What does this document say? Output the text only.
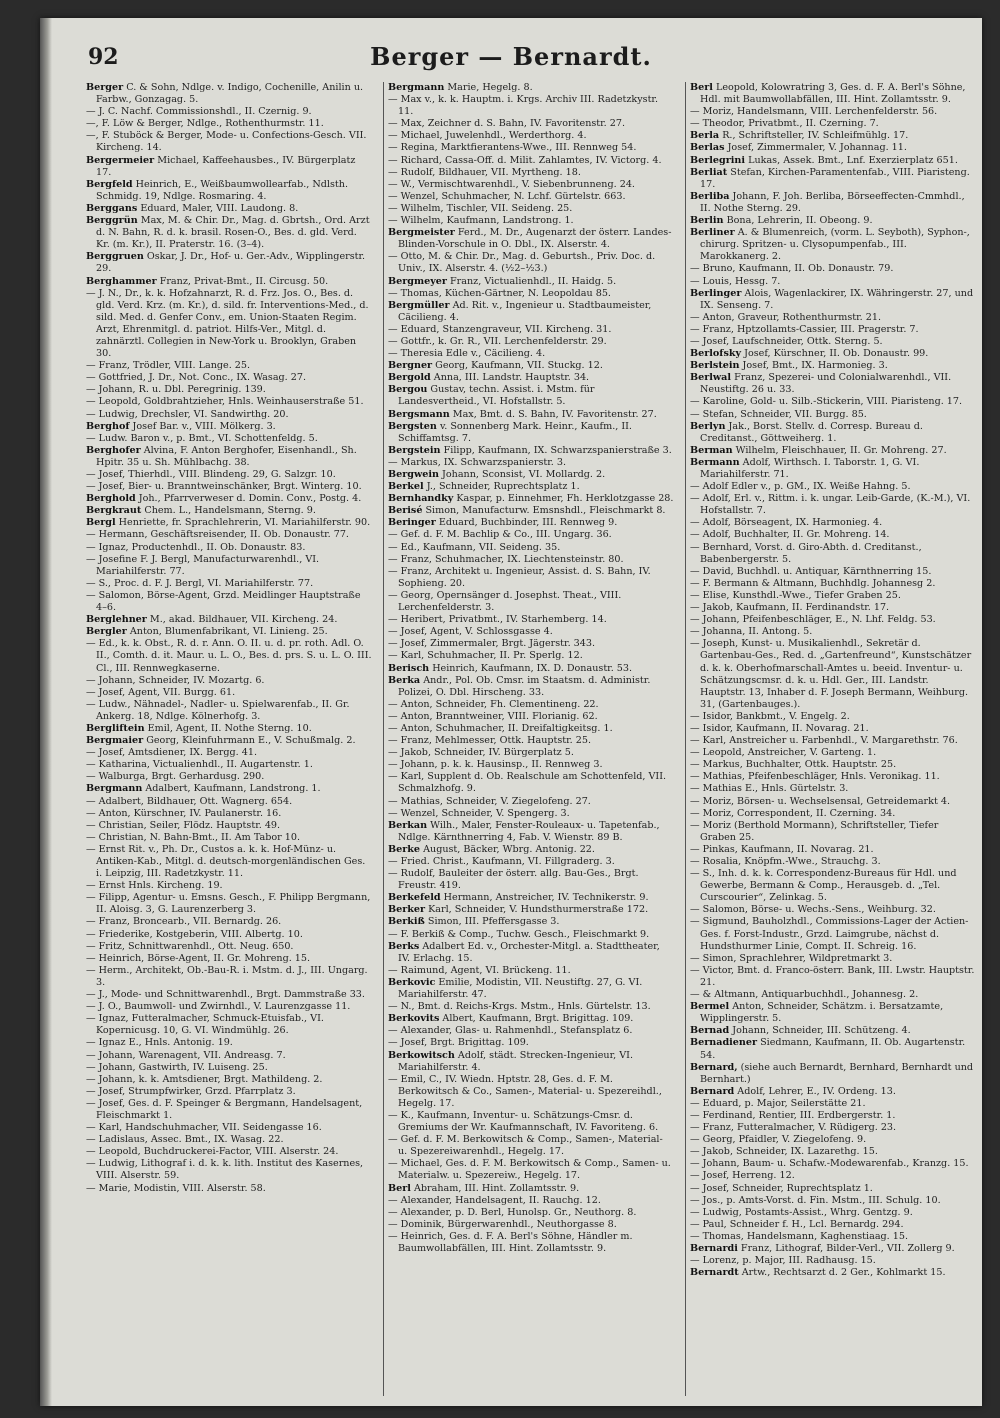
92	Berger — Bernardt.
Berger C. & Sohn, Ndlge. v. Indigo, Cochenille, Anilin u. Farbw., Gonzagag. 5.
— J. C. Nachf. Commissionshdl., II. Czernig. 9.
—, F. Löw & Berger, Ndlge., Rothenthurmstr. 11.
—, F. Stuböck & Berger, Mode- u. Confections-Gesch. VII. Kircheng. 14.
Bergermeier Michael, Kaffeehausbes., IV. Bürgerplatz 17.
Bergfeld Heinrich, E., Weißbaumwollearfab., Ndlsth. Schmidg. 19, Ndlge. Rosmaring. 4.
Berggans Eduard, Maler, VIII. Laudong. 8.
Berggrün Max, M. & Chir. Dr., Mag. d. Gbrtsh., Ord. Arzt d. N. Bahn, R. d. k. brasil. Rosen-O., Bes. d. gld. Verd. Kr. (m. Kr.), II. Praterstr. 16. (3–4).
Berggruen Oskar, J. Dr., Hof- u. Ger.-Adv., Wipplingerstr. 29.
Berghammer Franz, Privat-Bmt., II. Circusg. 50.
— J. N., Dr., k. k. Hofzahnarzt, R. d. Frz. Jos. O., Bes. d. gld. Verd. Krz. (m. Kr.), d. sild. fr. Interventions-Med., d. sild. Med. d. Genfer Conv., em. Union-Staaten Regim. Arzt, Ehrenmitgl. d. patriot. Hilfs-Ver., Mitgl. d. zahnärztl. Collegien in New-York u. Brooklyn, Graben 30.
— Franz, Trödler, VIII. Lange. 25.
— Gottfried, J. Dr., Not. Conc., IX. Wasag. 27.
— Johann, R. u. Dbl. Peregrinig. 139.
— Leopold, Goldbrahtzieher, Hnls. Weinhauserstraße 51.
— Ludwig, Drechsler, VI. Sandwirthg. 20.
Berghof Josef Bar. v., VIII. Mölkerg. 3.
— Ludw. Baron v., p. Bmt., VI. Schottenfeldg. 5.
Berghofer Alvina, F. Anton Berghofer, Eisenhandl., Sh. Hpitr. 35 u. Sh. Mühlbachg. 38.
— Josef, Thierhdl., VIII. Blindeng. 29, G. Salzgr. 10.
— Josef, Bier- u. Branntweinschänker, Brgt. Winterg. 10.
Berghold Joh., Pfarrverweser d. Domin. Conv., Postg. 4.
Bergkraut Chem. L., Handelsmann, Sterng. 9.
Bergl Henriette, fr. Sprachlehrerin, VI. Mariahilferstr. 90.
— Hermann, Geschäftsreisender, II. Ob. Donaustr. 77.
— Ignaz, Productenhdl., II. Ob. Donaustr. 83.
— Josefine F. J. Bergl, Manufacturwarenhdl., VI. Mariahilferstr. 77.
— S., Proc. d. F. J. Bergl, VI. Mariahilferstr. 77.
— Salomon, Börse-Agent, Grzd. Meidlinger Hauptstraße 4–6.
Berglehner M., akad. Bildhauer, VII. Kircheng. 24.
Bergler Anton, Blumenfabrikant, VI. Linieng. 25.
— Ed., k. k. Obst., R. d. r. Ann. O. II. u. d. pr. roth. Adl. O. II., Comth. d. it. Maur. u. L. O., Bes. d. prs. S. u. L. O. III. Cl., III. Rennwegkaserne.
— Johann, Schneider, IV. Mozartg. 6.
— Josef, Agent, VII. Burgg. 61.
— Ludw., Nähnadel-, Nadler- u. Spielwarenfab., II. Gr. Ankerg. 18, Ndlge. Kölnerhofg. 3.
Bergliftein Emil, Agent, II. Nothe Sterng. 10.
Bergmaier Georg, Kleinfuhrmann E., V. Schußmalg. 2.
— Josef, Amtsdiener, IX. Bergg. 41.
— Katharina, Victualienhdl., II. Augartenstr. 1.
— Walburga, Brgt. Gerhardusg. 290.
Bergmann Adalbert, Kaufmann, Landstrong. 1.
— Adalbert, Bildhauer, Ott. Wagnerg. 654.
— Anton, Kürschner, IV. Paulanerstr. 16.
— Christian, Seiler, Flödz. Hauptstr. 49.
— Christian, N. Bahn-Bmt., II. Am Tabor 10.
— Ernst Rit. v., Ph. Dr., Custos a. k. k. Hof-Münz- u. Antiken-Kab., Mitgl. d. deutsch-morgenländischen Ges. i. Leipzig, III. Radetzkystr. 11.
— Ernst Hnls. Kircheng. 19.
— Filipp, Agentur- u. Emsns. Gesch., F. Philipp Bergmann, II. Aloisg. 3, G. Laurenzerberg 3.
— Franz, Broncearb., VII. Bernardg. 26.
— Friederike, Kostgeberin, VIII. Albertg. 10.
— Fritz, Schnittwarenhdl., Ott. Neug. 650.
— Heinrich, Börse-Agent, II. Gr. Mohreng. 15.
— Herm., Architekt, Ob.-Bau-R. i. Mstm. d. J., III. Ungarg. 3.
— J., Mode- und Schnittwarenhdl., Brgt. Dammstraße 33.
— J. O., Baumwoll- und Zwirnhdl., V. Laurenzgasse 11.
— Ignaz, Futteralmacher, Schmuck-Etuisfab., VI. Kopernicusg. 10, G. VI. Windmühlg. 26.
— Ignaz E., Hnls. Antonig. 19.
— Johann, Warenagent, VII. Andreasg. 7.
— Johann, Gastwirth, IV. Luiseng. 25.
— Johann, k. k. Amtsdiener, Brgt. Mathildeng. 2.
— Josef, Strumpfwirker, Grzd. Pfarrplatz 3.
— Josef, Ges. d. F. Speinger & Bergmann, Handelsagent, Fleischmarkt 1.
— Karl, Handschuhmacher, VII. Seidengasse 16.
— Ladislaus, Assec. Bmt., IX. Wasag. 22.
— Leopold, Buchdruckerei-Factor, VIII. Alserstr. 24.
— Ludwig, Lithograf i. d. k. k. lith. Institut des Kasernes, VIII. Alserstr. 59.
— Marie, Modistin, VIII. Alserstr. 58.
Bergmann Marie, Hegelg. 8.
— Max v., k. k. Hauptm. i. Krgs. Archiv III. Radetzkystr. 11.
— Max, Zeichner d. S. Bahn, IV. Favoritenstr. 27.
— Michael, Juwelenhdl., Werderthorg. 4.
— Regina, Marktfierantens-Wwe., III. Rennweg 54.
— Richard, Cassa-Off. d. Milit. Zahlamtes, IV. Victorg. 4.
— Rudolf, Bildhauer, VII. Myrtheng. 18.
— W., Vermischtwarenhdl., V. Siebenbrunneng. 24.
— Wenzel, Schuhmacher, N. Lchf. Gürtelstr. 663.
— Wilhelm, Tischler, VII. Seideng. 25.
— Wilhelm, Kaufmann, Landstrong. 1.
Bergmeister Ferd., M. Dr., Augenarzt der österr. Landes-Blinden-Vorschule in O. Dbl., IX. Alserstr. 4.
— Otto, M. & Chir. Dr., Mag. d. Geburtsh., Priv. Doc. d. Univ., IX. Alserstr. 4. (½2–½3.)
Bergmeyer Franz, Victualienhdl., II. Haidg. 5.
— Thomas, Küchen-Gärtner, N. Leopoldau 85.
Bergmüller Ad. Rit. v., Ingenieur u. Stadtbaumeister, Cäcilieng. 4.
— Eduard, Stanzengraveur, VII. Kircheng. 31.
— Gottfr., k. Gr. R., VII. Lerchenfelderstr. 29.
— Theresia Edle v., Cäcilieng. 4.
Bergner Georg, Kaufmann, VII. Stuckg. 12.
Bergold Anna, III. Landstr. Hauptstr. 34.
Bergou Gustav, techn. Assist. i. Mstm. für Landesvertheid., VI. Hofstallstr. 5.
Bergsmann Max, Bmt. d. S. Bahn, IV. Favoritenstr. 27.
Bergsten v. Sonnenberg Mark. Heinr., Kaufm., II. Schiffamtsg. 7.
Bergstein Filipp, Kaufmann, IX. Schwarzspanierstraße 3.
— Markus, IX. Schwarzspanierstr. 3.
Bergwein Johann, Sconsist, VI. Mollardg. 2.
Berkel J., Schneider, Ruprechtsplatz 1.
Bernhandky Kaspar, p. Einnehmer, Fh. Herklotzgasse 28.
Berisé Simon, Manufacturw. Emsnshdl., Fleischmarkt 8.
Beringer Eduard, Buchbinder, III. Rennweg 9.
— Gef. d. F. M. Bachlip & Co., III. Ungarg. 36.
— Ed., Kaufmann, VII. Seideng. 35.
— Franz, Schuhmacher, IX. Liechtensteinstr. 80.
— Franz, Architekt u. Ingenieur, Assist. d. S. Bahn, IV. Sophieng. 20.
— Georg, Opernsänger d. Josephst. Theat., VIII. Lerchenfelderstr. 3.
— Heribert, Privatbmt., IV. Starhemberg. 14.
— Josef, Agent, V. Schlossgasse 4.
— Josef, Zimmermaler, Brgt. Jägerstr. 343.
— Karl, Schuhmacher, II. Pr. Sperlg. 12.
Berisch Heinrich, Kaufmann, IX. D. Donaustr. 53.
Berka Andr., Pol. Ob. Cmsr. im Staatsm. d. Administr. Polizei, O. Dbl. Hirscheng. 33.
— Anton, Schneider, Fh. Clementineng. 22.
— Anton, Branntweiner, VIII. Florianig. 62.
— Anton, Schuhmacher, II. Dreifaltigkeitsg. 1.
— Franz, Mehlmesser, Ottk. Hauptstr. 25.
— Jakob, Schneider, IV. Bürgerplatz 5.
— Johann, p. k. k. Hausinsp., II. Rennweg 3.
— Karl, Supplent d. Ob. Realschule am Schottenfeld, VII. Schmalzhofg. 9.
— Mathias, Schneider, V. Ziegelofeng. 27.
— Wenzel, Schneider, V. Spengerg. 3.
Berkan Wilh., Maler, Fenster-Rouleaux- u. Tapetenfab., Ndlge. Kärnthnerring 4, Fab. V. Wienstr. 89 B.
Berke August, Bäcker, Wbrg. Antonig. 22.
— Fried. Christ., Kaufmann, VI. Fillgraderg. 3.
— Rudolf, Bauleiter der österr. allg. Bau-Ges., Brgt. Freustr. 419.
Berkefeld Hermann, Anstreicher, IV. Technikerstr. 9.
Berker Karl, Schneider, V. Hundsthurmerstraße 172.
Berkiß Simon, III. Pfeffersgasse 3.
— F. Berkiß & Comp., Tuchw. Gesch., Fleischmarkt 9.
Berks Adalbert Ed. v., Orchester-Mitgl. a. Stadttheater, IV. Erlachg. 15.
— Raimund, Agent, VI. Brückeng. 11.
Berkovic Emilie, Modistin, VII. Neustiftg. 27, G. VI. Mariahilferstr. 47.
— N., Bmt. d. Reichs-Krgs. Mstm., Hnls. Gürtelstr. 13.
Berkovits Albert, Kaufmann, Brgt. Brigittag. 109.
— Alexander, Glas- u. Rahmenhdl., Stefansplatz 6.
— Josef, Brgt. Brigittag. 109.
Berkowitsch Adolf, städt. Strecken-Ingenieur, VI. Mariahilferstr. 4.
— Emil, C., IV. Wiedn. Hptstr. 28, Ges. d. F. M. Berkowitsch & Co., Samen-, Material- u. Spezereihdl., Hegelg. 17.
— K., Kaufmann, Inventur- u. Schätzungs-Cmsr. d. Gremiums der Wr. Kaufmannschaft, IV. Favoriteng. 6.
— Gef. d. F. M. Berkowitsch & Comp., Samen-, Material- u. Spezereiwarenhdl., Hegelg. 17.
— Michael, Ges. d. F. M. Berkowitsch & Comp., Samen- u. Materialw. u. Spezereiw., Hegelg. 17.
Berl Abraham, III. Hint. Zollamtsstr. 9.
— Alexander, Handelsagent, II. Rauchg. 12.
— Alexander, p. D. Berl, Hunolsp. Gr., Neuthorg. 8.
— Dominik, Bürgerwarenhdl., Neuthorgasse 8.
— Heinrich, Ges. d. F. A. Berl's Söhne, Händler m. Baumwollabfällen, III. Hint. Zollamtsstr. 9.
Berl Leopold, Kolowratring 3, Ges. d. F. A. Berl's Söhne, Hdl. mit Baumwollabfällen, III. Hint. Zollamtsstr. 9.
— Moriz, Handelsmann, VIII. Lerchenfelderstr. 56.
— Theodor, Privatbmt., II. Czerning. 7.
Berla R., Schriftsteller, IV. Schleifmühlg. 17.
Berlas Josef, Zimmermaler, V. Johannag. 11.
Berlegrini Lukas, Assek. Bmt., Lnf. Exerzierplatz 651.
Berliat Stefan, Kirchen-Paramentenfab., VIII. Piaristeng. 17.
Berliba Johann, F. Joh. Berliba, Börseeffecten-Cmmhdl., II. Nothe Sterng. 29.
Berlin Bona, Lehrerin, II. Obeong. 9.
Berliner A. & Blumenreich, (vorm. L. Seyboth), Syphon-, chirurg. Spritzen- u. Clysopumpenfab., III. Marokkanerg. 2.
— Bruno, Kaufmann, II. Ob. Donaustr. 79.
— Louis, Hessg. 7.
Berlinger Alois, Wagenlackirer, IX. Währingerstr. 27, und IX. Senseng. 7.
— Anton, Graveur, Rothenthurmstr. 21.
— Franz, Hptzollamts-Cassier, III. Pragerstr. 7.
— Josef, Laufschneider, Ottk. Sterng. 5.
Berlofsky Josef, Kürschner, II. Ob. Donaustr. 99.
Berlstein Josef, Bmt., IX. Harmonieg. 3.
Berlwal Franz, Spezerei- und Colonialwarenhdl., VII. Neustiftg. 26 u. 33.
— Karoline, Gold- u. Silb.-Stickerin, VIII. Piaristeng. 17.
— Stefan, Schneider, VII. Burgg. 85.
Berlyn Jak., Borst. Stellv. d. Corresp. Bureau d. Creditanst., Göttweiherg. 1.
Berman Wilhelm, Fleischhauer, II. Gr. Mohreng. 27.
Bermann Adolf, Wirthsch. I. Taborstr. 1, G. VI. Mariahilferstr. 71.
— Adolf Edler v., p. GM., IX. Weiße Hahng. 5.
— Adolf, Erl. v., Rittm. i. k. ungar. Leib-Garde, (K.-M.), VI. Hofstallstr. 7.
— Adolf, Börseagent, IX. Harmonieg. 4.
— Adolf, Buchhalter, II. Gr. Mohreng. 14.
— Bernhard, Vorst. d. Giro-Abth. d. Creditanst., Babenbergerstr. 5.
— David, Buchhdl. u. Antiquar, Kärnthnerring 15.
— F. Bermann & Altmann, Buchhdlg. Johannesg 2.
— Elise, Kunsthdl.-Wwe., Tiefer Graben 25.
— Jakob, Kaufmann, II. Ferdinandstr. 17.
— Johann, Pfeifenbeschläger, E., N. Lhf. Feldg. 53.
— Johanna, II. Antong. 5.
— Joseph, Kunst- u. Musikalienhdl., Sekretär d. Gartenbau-Ges., Red. d. „Gartenfreund“, Kunstschätzer d. k. k. Oberhofmarschall-Amtes u. beeid. Inventur- u. Schätzungscmsr. d. k. u. Hdl. Ger., III. Landstr. Hauptstr. 13, Inhaber d. F. Joseph Bermann, Weihburg. 31, (Gartenbauges.).
— Isidor, Bankbmt., V. Engelg. 2.
— Isidor, Kaufmann, II. Novarag. 21.
— Karl, Anstreicher u. Farbenhdl., V. Margarethstr. 76.
— Leopold, Anstreicher, V. Garteng. 1.
— Markus, Buchhalter, Ottk. Hauptstr. 25.
— Mathias, Pfeifenbeschläger, Hnls. Veronikag. 11.
— Mathias E., Hnls. Gürtelstr. 3.
— Moriz, Börsen- u. Wechselsensal, Getreidemarkt 4.
— Moriz, Correspondent, II. Czerning. 34.
— Moriz (Berthold Mormann), Schriftsteller, Tiefer Graben 25.
— Pinkas, Kaufmann, II. Novarag. 21.
— Rosalia, Knöpfm.-Wwe., Strauchg. 3.
— S., Inh. d. k. k. Correspondenz-Bureaus für Hdl. und Gewerbe, Bermann & Comp., Herausgeb. d. „Tel. Curscourier“, Zelinkag. 5.
— Salomon, Börse- u. Wechs.-Sens., Weihburg. 32.
— Sigmund, Bauholzhdl., Commissions-Lager der Actien-Ges. f. Forst-Industr., Grzd. Laimgrube, nächst d. Hundsthurmer Linie, Compt. II. Schreig. 16.
— Simon, Sprachlehrer, Wildpretmarkt 3.
— Victor, Bmt. d. Franco-österr. Bank, III. Lwstr. Hauptstr. 21.
— & Altmann, Antiquarbuchhdl., Johannesg. 2.
Bermel Anton, Schneider, Schätzm. i. Bersatzamte, Wipplingerstr. 5.
Bernad Johann, Schneider, III. Schützeng. 4.
Bernadiener Siedmann, Kaufmann, II. Ob. Augartenstr. 54.
Bernard, (siehe auch Bernardt, Bernhard, Bernhardt und Bernhart.)
Bernard Adolf, Lehrer, E., IV. Ordeng. 13.
— Eduard, p. Major, Seilerstätte 21.
— Ferdinand, Rentier, III. Erdbergerstr. 1.
— Franz, Futteralmacher, V. Rüdigerg. 23.
— Georg, Pfaidler, V. Ziegelofeng. 9.
— Jakob, Schneider, IX. Lazarethg. 15.
— Johann, Baum- u. Schafw.-Modewarenfab., Kranzg. 15.
— Josef, Herreng. 12.
— Josef, Schneider, Ruprechtsplatz 1.
— Jos., p. Amts-Vorst. d. Fin. Mstm., III. Schulg. 10.
— Ludwig, Postamts-Assist., Whrg. Gentzg. 9.
— Paul, Schneider f. H., Lcl. Bernardg. 294.
— Thomas, Handelsmann, Kaghenstiaag. 15.
Bernardi Franz, Lithograf, Bilder-Verl., VII. Zollerg 9.
— Lorenz, p. Major, III. Radhausg. 15.
Bernardt Artw., Rechtsarzt d. 2 Ger., Kohlmarkt 15.
